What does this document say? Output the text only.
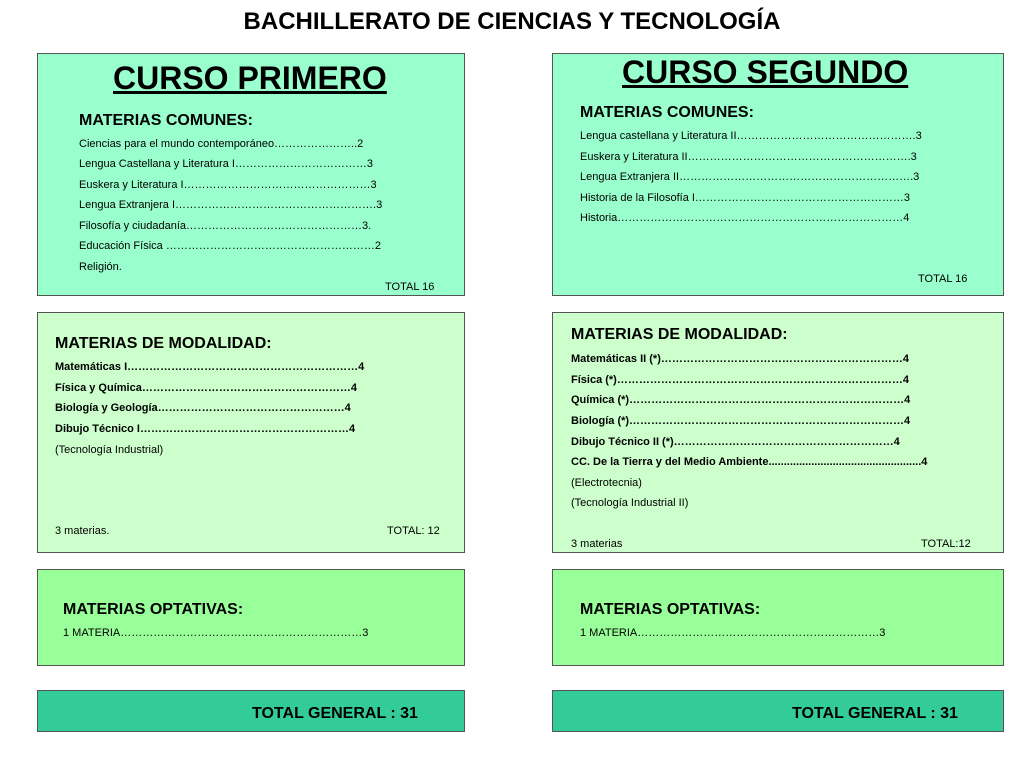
BACHILLERATO DE CIENCIAS Y TECNOLOGÍA
CURSO PRIMERO
MATERIAS COMUNES:
Ciencias para el mundo contemporáneo…………………..2
Lengua Castellana y Literatura I………………………………3
Euskera y Literatura I……………………………………………3
Lengua Extranjera I……………………………………………….3
Filosofía y ciudadanía…………………………………………3.
Educación Física …………………………………………………2
Religión.
TOTAL 16
CURSO SEGUNDO
MATERIAS COMUNES:
Lengua castellana y Literatura II………………………………………….3
Euskera y Literatura II…………………………………………………….3
Lengua Extranjera II……………………………………………………….3
Historia de la Filosofía I…………………………………………………3
Historia……………………………………………………………………4
TOTAL 16
MATERIAS DE MODALIDAD:
Matemáticas I………………………………………………………4
Física y Química…………………………………………………4
Biología y Geología……………………………………………4
Dibujo Técnico I…………………………………………………4
(Tecnología Industrial)
3 materias.	TOTAL: 12
MATERIAS DE MODALIDAD:
Matemáticas II (*)…………………………………………………………4
Física (*)……………………………………………………………………4
Química (*)…………………………………………………………………4
Biología (*)…………………………………………………………………4
Dibujo Técnico II (*)……………………………………………………4
CC. De la Tierra y del Medio Ambiente..................................................4
(Electrotecnia)
(Tecnología Industrial II)
3 materias	TOTAL:12
MATERIAS OPTATIVAS:
1 MATERIA…………………………………………………………3
MATERIAS OPTATIVAS:
1 MATERIA…………………………………………………………3
TOTAL GENERAL : 31	TOTAL GENERAL : 31
